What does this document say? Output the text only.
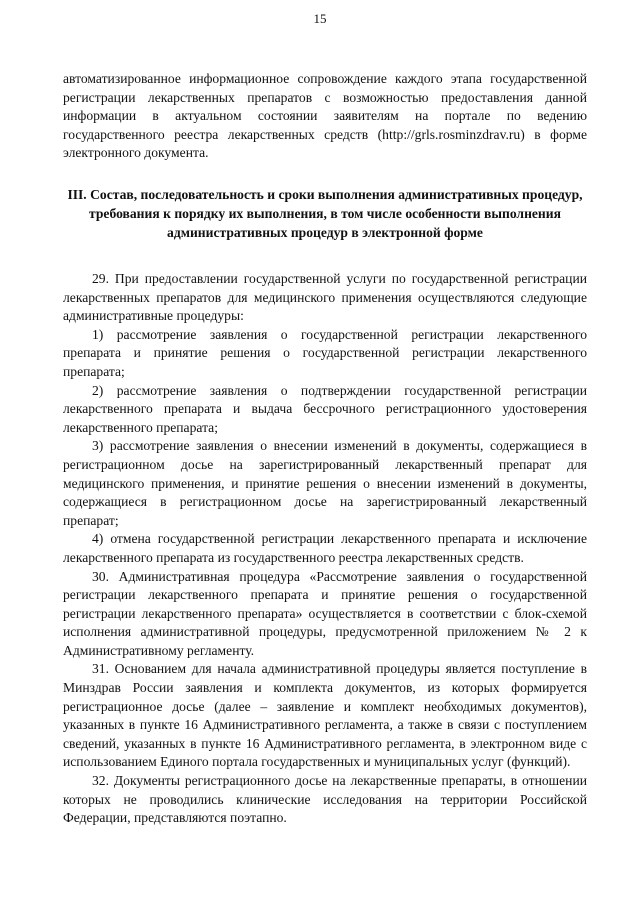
15

автоматизированное информационное сопровождение каждого этапа государственной регистрации лекарственных препаратов с возможностью предоставления данной информации в актуальном состоянии заявителям на портале по ведению государственного реестра лекарственных средств (http://grls.rosminzdrav.ru) в форме электронного документа.

III. Состав, последовательность и сроки выполнения административных процедур, требования к порядку их выполнения, в том числе особенности выполнения административных процедур в электронной форме

29. При предоставлении государственной услуги по государственной регистрации лекарственных препаратов для медицинского применения осуществляются следующие административные процедуры:

1) рассмотрение заявления о государственной регистрации лекарственного препарата и принятие решения о государственной регистрации лекарственного препарата;

2) рассмотрение заявления о подтверждении государственной регистрации лекарственного препарата и выдача бессрочного регистрационного удостоверения лекарственного препарата;

3) рассмотрение заявления о внесении изменений в документы, содержащиеся в регистрационном досье на зарегистрированный лекарственный препарат для медицинского применения, и принятие решения о внесении изменений в документы, содержащиеся в регистрационном досье на зарегистрированный лекарственный препарат;

4) отмена государственной регистрации лекарственного препарата и исключение лекарственного препарата из государственного реестра лекарственных средств.

30. Административная процедура «Рассмотрение заявления о государственной регистрации лекарственного препарата и принятие решения о государственной регистрации лекарственного препарата» осуществляется в соответствии с блок-схемой исполнения административной процедуры, предусмотренной приложением № 2 к Административному регламенту.

31. Основанием для начала административной процедуры является поступление в Минздрав России заявления и комплекта документов, из которых формируется регистрационное досье (далее – заявление и комплект необходимых документов), указанных в пункте 16 Административного регламента, а также в связи с поступлением сведений, указанных в пункте 16 Административного регламента, в электронном виде с использованием Единого портала государственных и муниципальных услуг (функций).

32. Документы регистрационного досье на лекарственные препараты, в отношении которых не проводились клинические исследования на территории Российской Федерации, представляются поэтапно.
